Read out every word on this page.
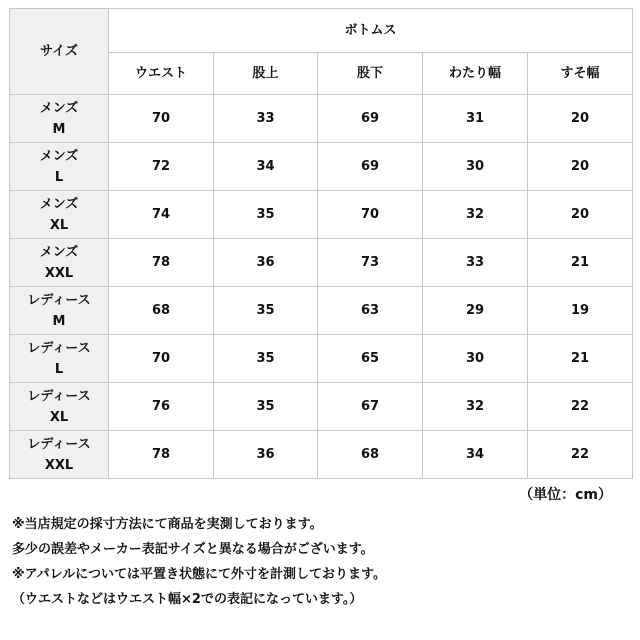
サイズ	ボトムス				
	ウエスト	股上	股下	わたり幅	すそ幅

メンズ
M	70	33	69	31	20

メンズ
L	72	34	69	30	20

メンズ
XL	74	35	70	32	20

メンズ
XXL	78	36	73	33	21

レディース
M	68	35	63	29	19

レディース
L	70	35	65	30	21

レディース
XL	76	35	67	32	22

レディース
XXL	78	36	68	34	22
（単位：cm）
※当店規定の採寸方法にて商品を実測しております。
多少の誤差やメーカー表記サイズと異なる場合がございます。
※アパレルについては平置き状態にて外寸を計測しております。
（ウエストなどはウエスト幅×2での表記になっています。）
